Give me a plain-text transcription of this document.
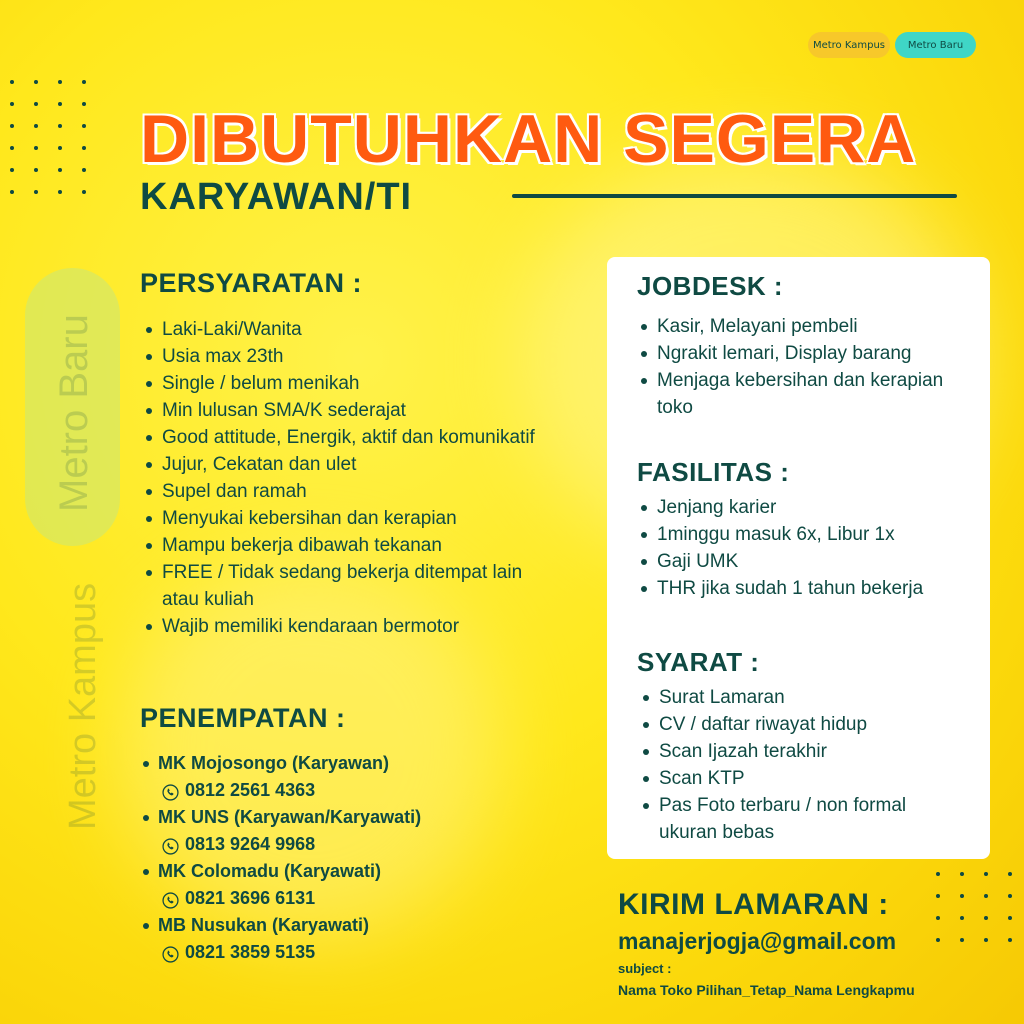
Metro Kampus	Metro Baru
Metro Baru
Metro Kampus
DIBUTUHKAN SEGERA
KARYAWAN/TI
PERSYARATAN :
Laki-Laki/Wanita
Usia max 23th
Single / belum menikah
Min lulusan SMA/K sederajat
Good attitude, Energik, aktif dan komunikatif
Jujur, Cekatan dan ulet
Supel dan ramah
Menyukai kebersihan dan kerapian
Mampu bekerja dibawah tekanan
FREE / Tidak sedang bekerja ditempat lain atau kuliah
Wajib memiliki kendaraan bermotor
PENEMPATAN :
MK Mojosongo (Karyawan)
0812 2561 4363
MK UNS (Karyawan/Karyawati)
0813 9264 9968
MK Colomadu (Karyawati)
0821 3696 6131
MB Nusukan (Karyawati)
0821 3859 5135
JOBDESK :
Kasir, Melayani pembeli
Ngrakit lemari, Display barang
Menjaga kebersihan dan kerapian toko
FASILITAS :
Jenjang karier
1minggu masuk 6x, Libur 1x
Gaji UMK
THR jika sudah 1 tahun bekerja
SYARAT :
Surat Lamaran
CV / daftar riwayat hidup
Scan Ijazah terakhir
Scan KTP
Pas Foto terbaru / non formal ukuran bebas
KIRIM LAMARAN :
manajerjogja@gmail.com
subject :
Nama Toko Pilihan_Tetap_Nama Lengkapmu
